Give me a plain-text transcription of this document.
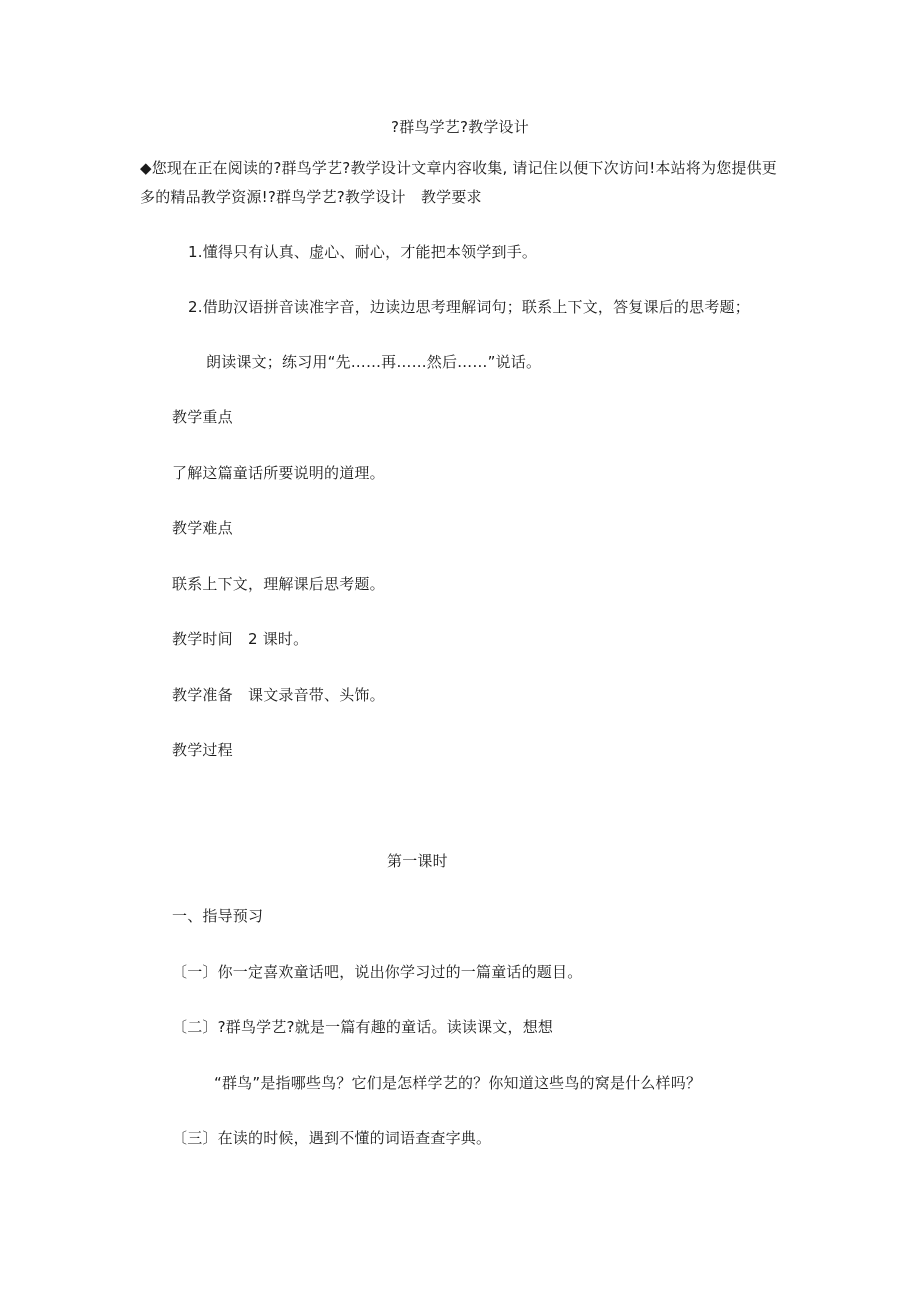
?群鸟学艺?教学设计
◆您现在正在阅读的?群鸟学艺?教学设计文章内容收集, 请记住以便下次访问!本站将为您提供更多的精品教学资源!?群鸟学艺?教学设计　教学要求
1.懂得只有认真、虚心、耐心，才能把本领学到手。
2.借助汉语拼音读准字音，边读边思考理解词句；联系上下文，答复课后的思考题；
朗读课文；练习用“先……再……然后……”说话。
教学重点
了解这篇童话所要说明的道理。
教学难点
联系上下文，理解课后思考题。
教学时间　2 课时。
教学准备　课文录音带、头饰。
教学过程
第一课时
一、指导预习
〔一〕你一定喜欢童话吧，说出你学习过的一篇童话的题目。
〔二〕?群鸟学艺?就是一篇有趣的童话。读读课文，想想
“群鸟”是指哪些鸟？它们是怎样学艺的？你知道这些鸟的窝是什么样吗？
〔三〕在读的时候，遇到不懂的词语查查字典。
